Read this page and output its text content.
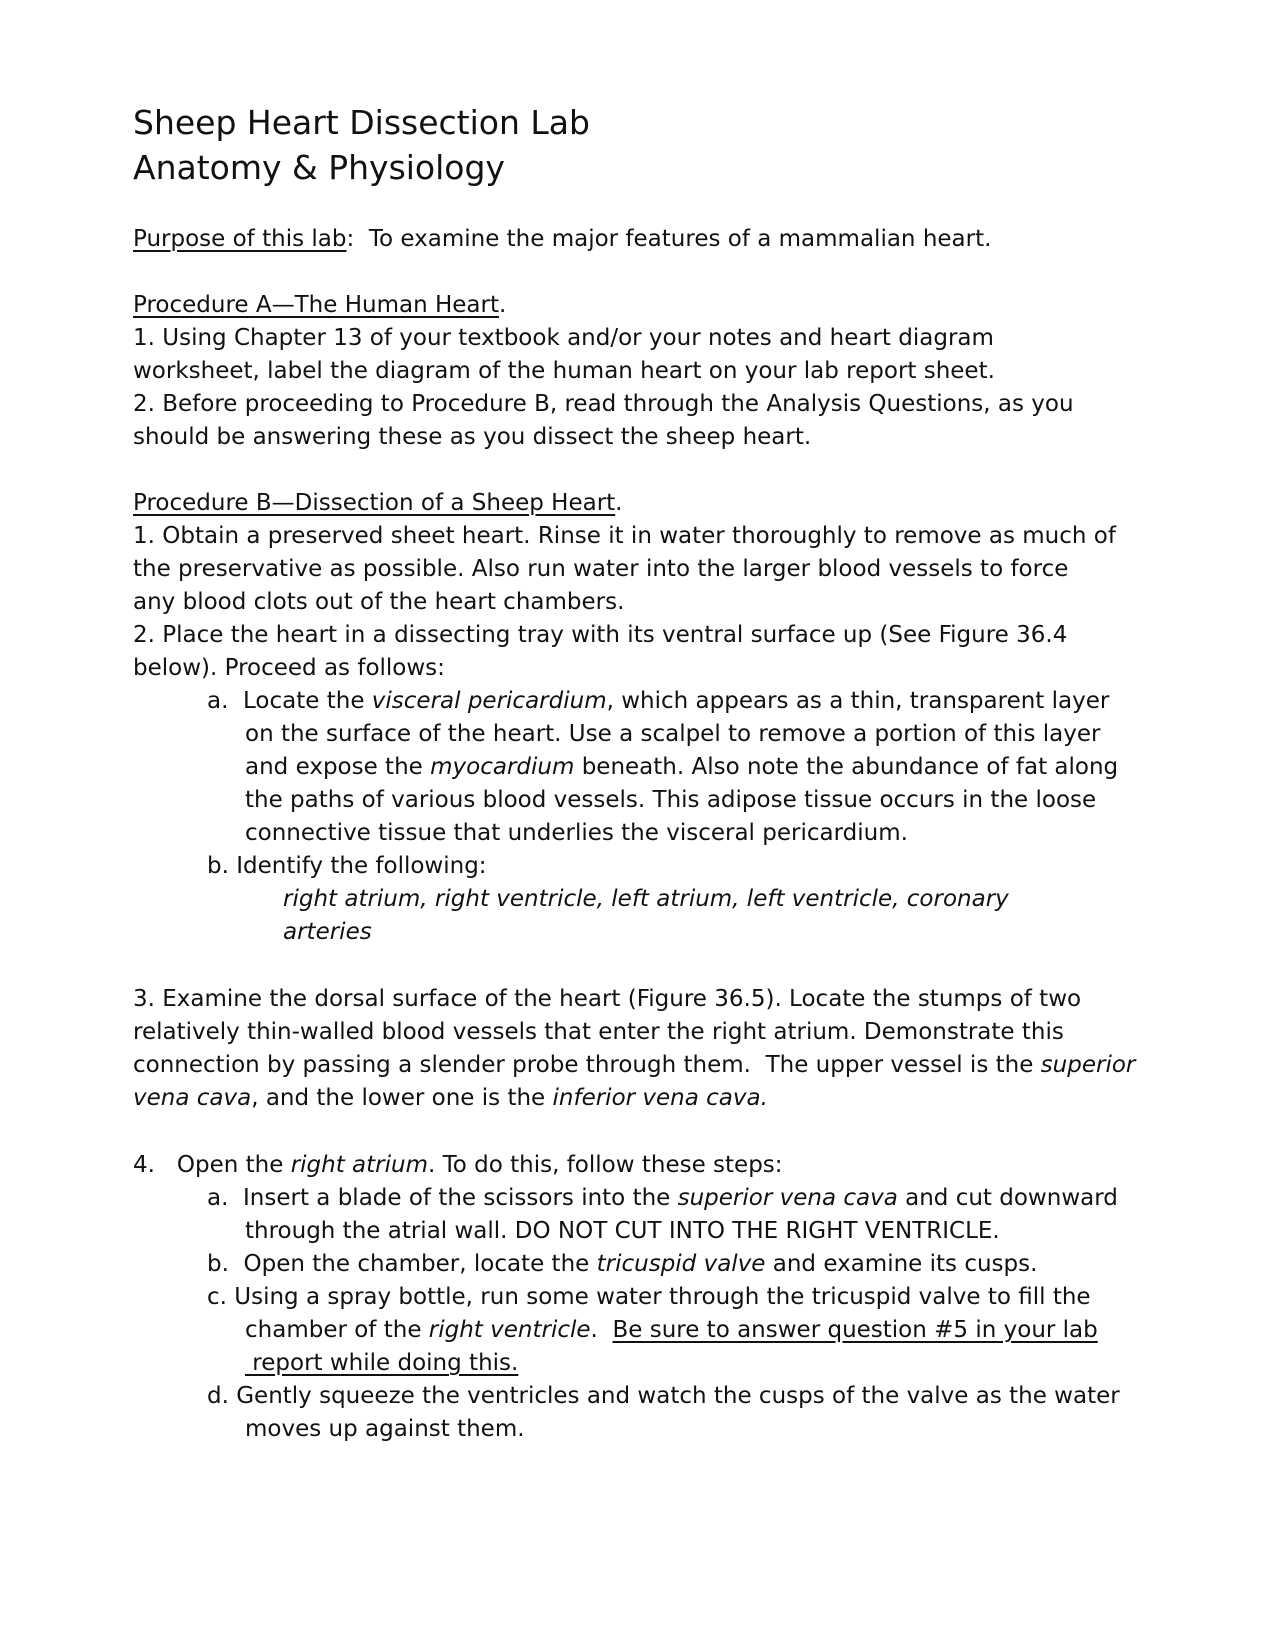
Sheep Heart Dissection Lab
Anatomy & Physiology
Purpose of this lab:  To examine the major features of a mammalian heart.
Procedure A—The Human Heart.
1. Using Chapter 13 of your textbook and/or your notes and heart diagram
worksheet, label the diagram of the human heart on your lab report sheet.
2. Before proceeding to Procedure B, read through the Analysis Questions, as you
should be answering these as you dissect the sheep heart.
Procedure B—Dissection of a Sheep Heart.
1. Obtain a preserved sheet heart. Rinse it in water thoroughly to remove as much of
the preservative as possible. Also run water into the larger blood vessels to force
any blood clots out of the heart chambers.
2. Place the heart in a dissecting tray with its ventral surface up (See Figure 36.4
below). Proceed as follows:
a.  Locate the visceral pericardium, which appears as a thin, transparent layer
on the surface of the heart. Use a scalpel to remove a portion of this layer
and expose the myocardium beneath. Also note the abundance of fat along
the paths of various blood vessels. This adipose tissue occurs in the loose
connective tissue that underlies the visceral pericardium.
b. Identify the following:
right atrium, right ventricle, left atrium, left ventricle, coronary
arteries
3. Examine the dorsal surface of the heart (Figure 36.5). Locate the stumps of two
relatively thin-walled blood vessels that enter the right atrium. Demonstrate this
connection by passing a slender probe through them.  The upper vessel is the superior
vena cava, and the lower one is the inferior vena cava.
4.   Open the right atrium. To do this, follow these steps:
a.  Insert a blade of the scissors into the superior vena cava and cut downward
through the atrial wall. DO NOT CUT INTO THE RIGHT VENTRICLE.
b.  Open the chamber, locate the tricuspid valve and examine its cusps.
c. Using a spray bottle, run some water through the tricuspid valve to fill the
chamber of the right ventricle.  Be sure to answer question #5 in your lab
report while doing this.
d. Gently squeeze the ventricles and watch the cusps of the valve as the water
moves up against them.
